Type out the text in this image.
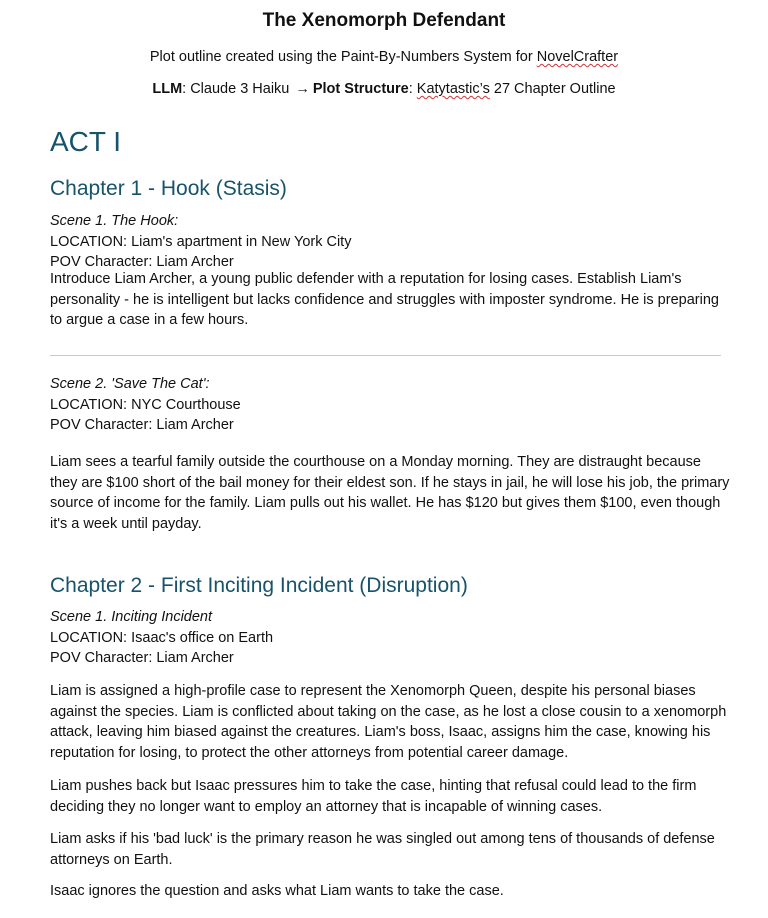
The Xenomorph Defendant
Plot outline created using the Paint-By-Numbers System for NovelCrafter
LLM: Claude 3 Haiku → Plot Structure: Katytastic’s 27 Chapter Outline
ACT I
Chapter 1 - Hook (Stasis)
Scene 1. The Hook:
LOCATION: Liam's apartment in New York City
POV Character: Liam Archer
Introduce Liam Archer, a young public defender with a reputation for losing cases. Establish Liam's personality - he is intelligent but lacks confidence and struggles with imposter syndrome. He is preparing to argue a case in a few hours.
Scene 2. 'Save The Cat':
LOCATION: NYC Courthouse
POV Character: Liam Archer
Liam sees a tearful family outside the courthouse on a Monday morning. They are distraught because they are $100 short of the bail money for their eldest son. If he stays in jail, he will lose his job, the primary source of income for the family. Liam pulls out his wallet. He has $120 but gives them $100, even though it's a week until payday.
Chapter 2 - First Inciting Incident (Disruption)
Scene 1. Inciting Incident
LOCATION: Isaac's office on Earth
POV Character: Liam Archer
Liam is assigned a high-profile case to represent the Xenomorph Queen, despite his personal biases against the species. Liam is conflicted about taking on the case, as he lost a close cousin to a xenomorph attack, leaving him biased against the creatures. Liam's boss, Isaac, assigns him the case, knowing his reputation for losing, to protect the other attorneys from potential career damage.
Liam pushes back but Isaac pressures him to take the case, hinting that refusal could lead to the firm deciding they no longer want to employ an attorney that is incapable of winning cases.
Liam asks if his 'bad luck' is the primary reason he was singled out among tens of thousands of defense attorneys on Earth.
Isaac ignores the question and asks what Liam wants to take the case.
